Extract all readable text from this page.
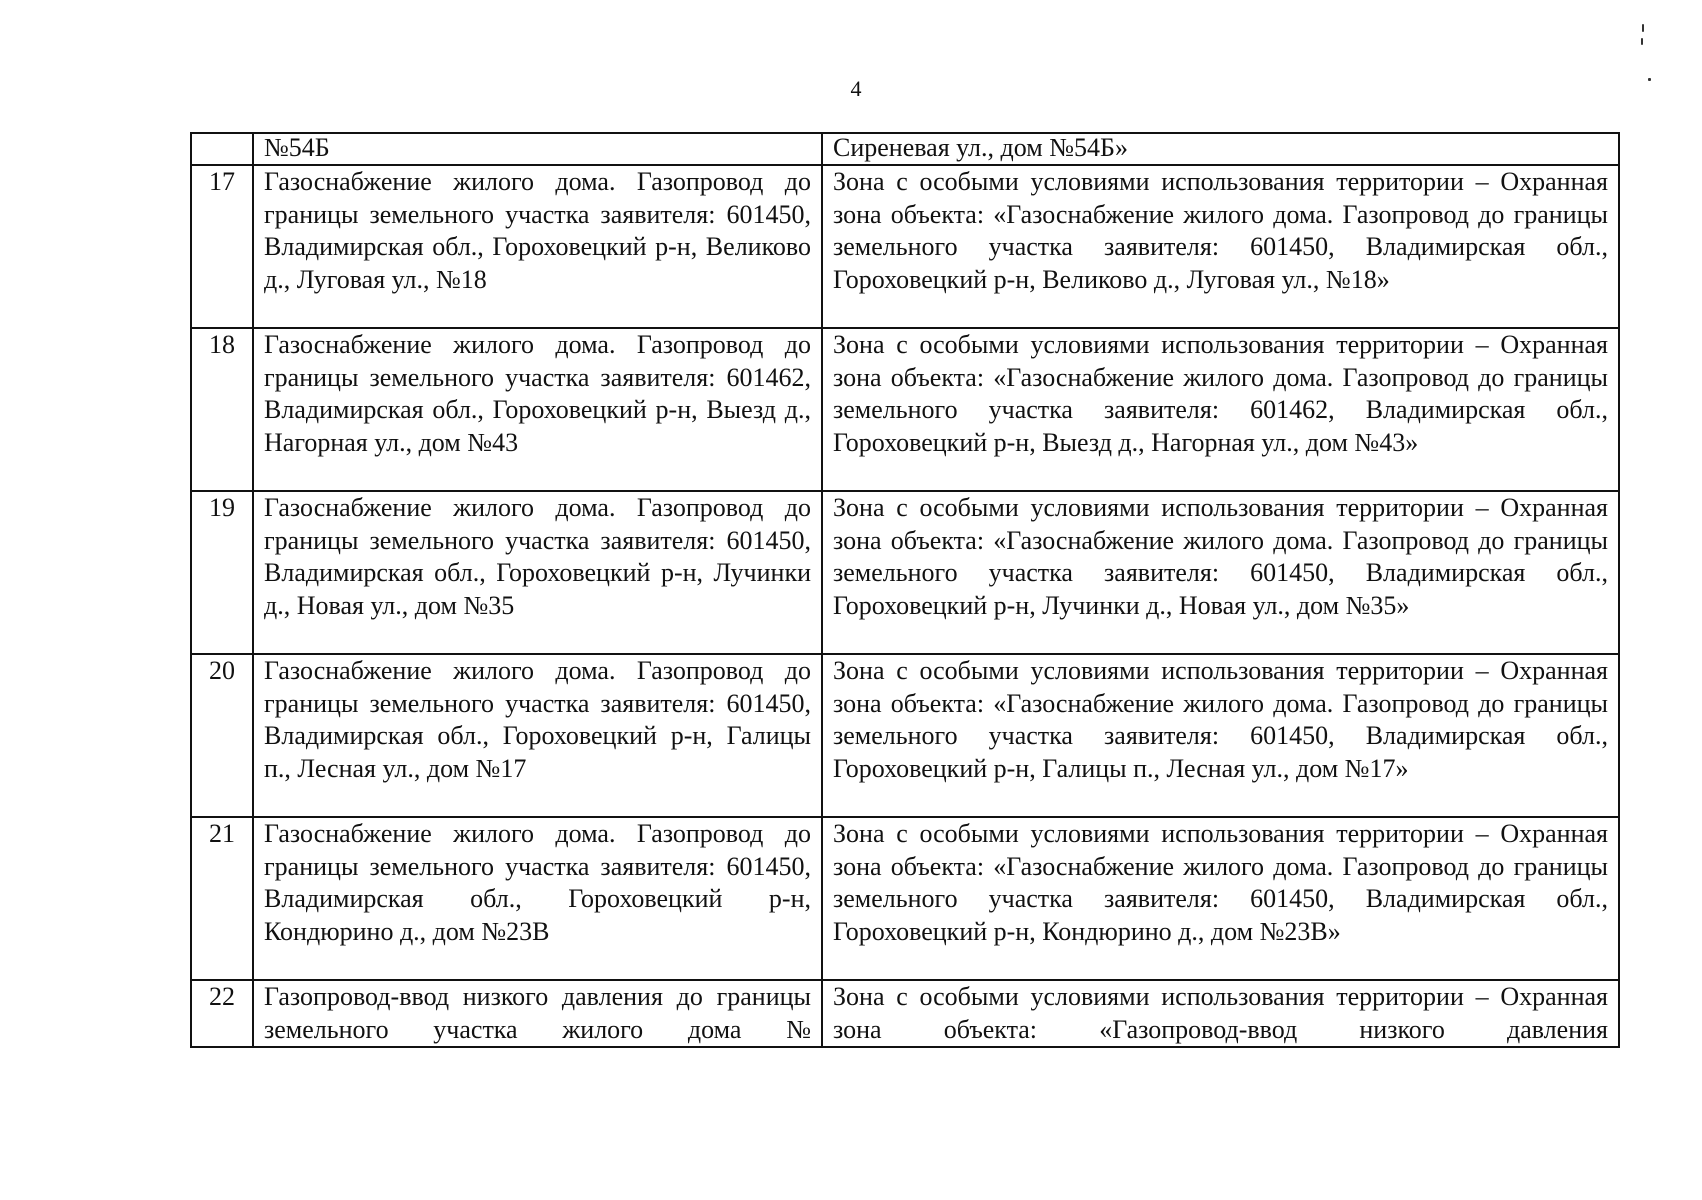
4

	№54Б	Сиреневая ул., дом №54Б»

17	Газоснабжение жилого дома. Газопровод до границы земельного участка заявителя: 601450, Владимирская обл., Гороховецкий р-н, Великово д., Луговая ул., №18	Зона с особыми условиями использования территории – Охранная зона объекта: «Газоснабжение жилого дома. Газопровод до границы земельного участка заявителя: 601450, Владимирская обл., Гороховецкий р-н, Великово д., Луговая ул., №18»

18	Газоснабжение жилого дома. Газопровод до границы земельного участка заявителя: 601462, Владимирская обл., Гороховецкий р-н, Выезд д., Нагорная ул., дом №43	Зона с особыми условиями использования территории – Охранная зона объекта: «Газоснабжение жилого дома. Газопровод до границы земельного участка заявителя: 601462, Владимирская обл., Гороховецкий р-н, Выезд д., Нагорная ул., дом №43»

19	Газоснабжение жилого дома. Газопровод до границы земельного участка заявителя: 601450, Владимирская обл., Гороховецкий р-н, Лучинки д., Новая ул., дом №35	Зона с особыми условиями использования территории – Охранная зона объекта: «Газоснабжение жилого дома. Газопровод до границы земельного участка заявителя: 601450, Владимирская обл., Гороховецкий р-н, Лучинки д., Новая ул., дом №35»

20	Газоснабжение жилого дома. Газопровод до границы земельного участка заявителя: 601450, Владимирская обл., Гороховецкий р-н, Галицы п., Лесная ул., дом №17	Зона с особыми условиями использования территории – Охранная зона объекта: «Газоснабжение жилого дома. Газопровод до границы земельного участка заявителя: 601450, Владимирская обл., Гороховецкий р-н, Галицы п., Лесная ул., дом №17»

21	Газоснабжение жилого дома. Газопровод до границы земельного участка заявителя: 601450, Владимирская обл., Гороховецкий р-н, Кондюрино д., дом №23В	Зона с особыми условиями использования территории – Охранная зона объекта: «Газоснабжение жилого дома. Газопровод до границы земельного участка заявителя: 601450, Владимирская обл., Гороховецкий р-н, Кондюрино д., дом №23В»

22	Газопровод-ввод низкого давления до границы земельного участка жилого дома №	Зона с особыми условиями использования территории – Охранная зона объекта: «Газопровод-ввод низкого давления
